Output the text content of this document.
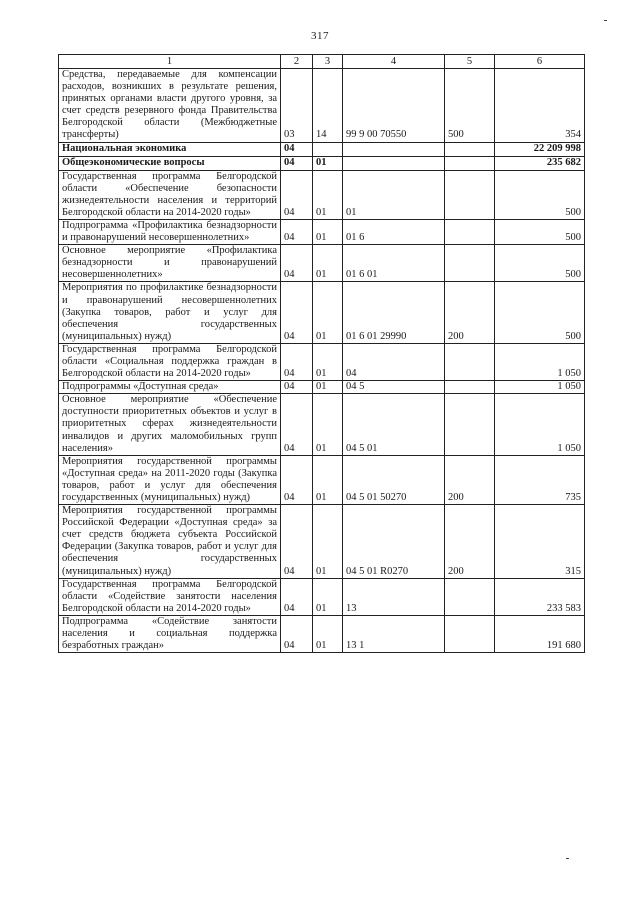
317
1	2	3	4	5	6
Средства, передаваемые для компенсации расходов, возникших в результате решения, принятых органами власти другого уровня, за счет средств резервного фонда Правительства Белгородской области (Межбюджетные трансферты)	03	14	99 9 00 70550	500	354
Национальная экономика	04				22 209 998
Общеэкономические вопросы	04	01			235 682
Государственная программа Белгородской области «Обеспечение безопасности жизнедеятельности населения и территорий Белгородской области на 2014-2020 годы»	04	01	01		500
Подпрограмма «Профилактика безнадзорности и правонарушений несовершеннолетних»	04	01	01 6		500
Основное мероприятие «Профилактика безнадзорности и правонарушений несовершеннолетних»	04	01	01 6 01		500
Мероприятия по профилактике безнадзорности и правонарушений несовершеннолетних (Закупка товаров, работ и услуг для обеспечения государственных (муниципальных) нужд)	04	01	01 6 01 29990	200	500
Государственная программа Белгородской области «Социальная поддержка граждан в Белгородской области на 2014-2020 годы»	04	01	04		1 050
Подпрограммы «Доступная среда»	04	01	04 5		1 050
Основное мероприятие «Обеспечение доступности приоритетных объектов и услуг в приоритетных сферах жизнедеятельности инвалидов и других маломобильных групп населения»	04	01	04 5 01		1 050
Мероприятия государственной программы «Доступная среда» на 2011-2020 годы (Закупка товаров, работ и услуг для обеспечения государственных (муниципальных) нужд)	04	01	04 5 01 50270	200	735
Мероприятия государственной программы Российской Федерации «Доступная среда» за счет средств бюджета субъекта Российской Федерации (Закупка товаров, работ и услуг для обеспечения государственных (муниципальных) нужд)	04	01	04 5 01 R0270	200	315
Государственная программа Белгородской области «Содействие занятости населения Белгородской области на 2014-2020 годы»	04	01	13		233 583
Подпрограмма «Содействие занятости населения и социальная поддержка безработных граждан»	04	01	13 1		191 680
